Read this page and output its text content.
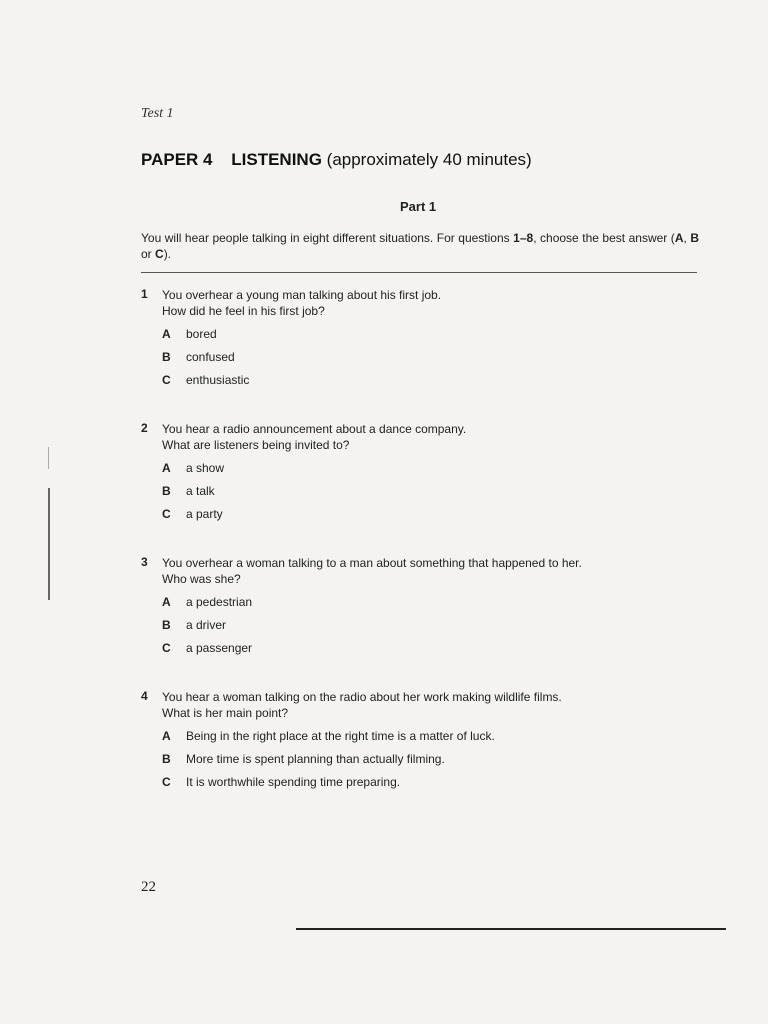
Test 1
PAPER 4 LISTENING (approximately 40 minutes)
Part 1
You will hear people talking in eight different situations. For questions 1–8, choose the best answer (A, B or C).
1	You overhear a young man talking about his first job.
How did he feel in his first job?
A bored
B confused
C enthusiastic
2	You hear a radio announcement about a dance company.
What are listeners being invited to?
A a show
B a talk
C a party
3	You overhear a woman talking to a man about something that happened to her.
Who was she?
A a pedestrian
B a driver
C a passenger
4	You hear a woman talking on the radio about her work making wildlife films.
What is her main point?
A Being in the right place at the right time is a matter of luck.
B More time is spent planning than actually filming.
C It is worthwhile spending time preparing.
22
